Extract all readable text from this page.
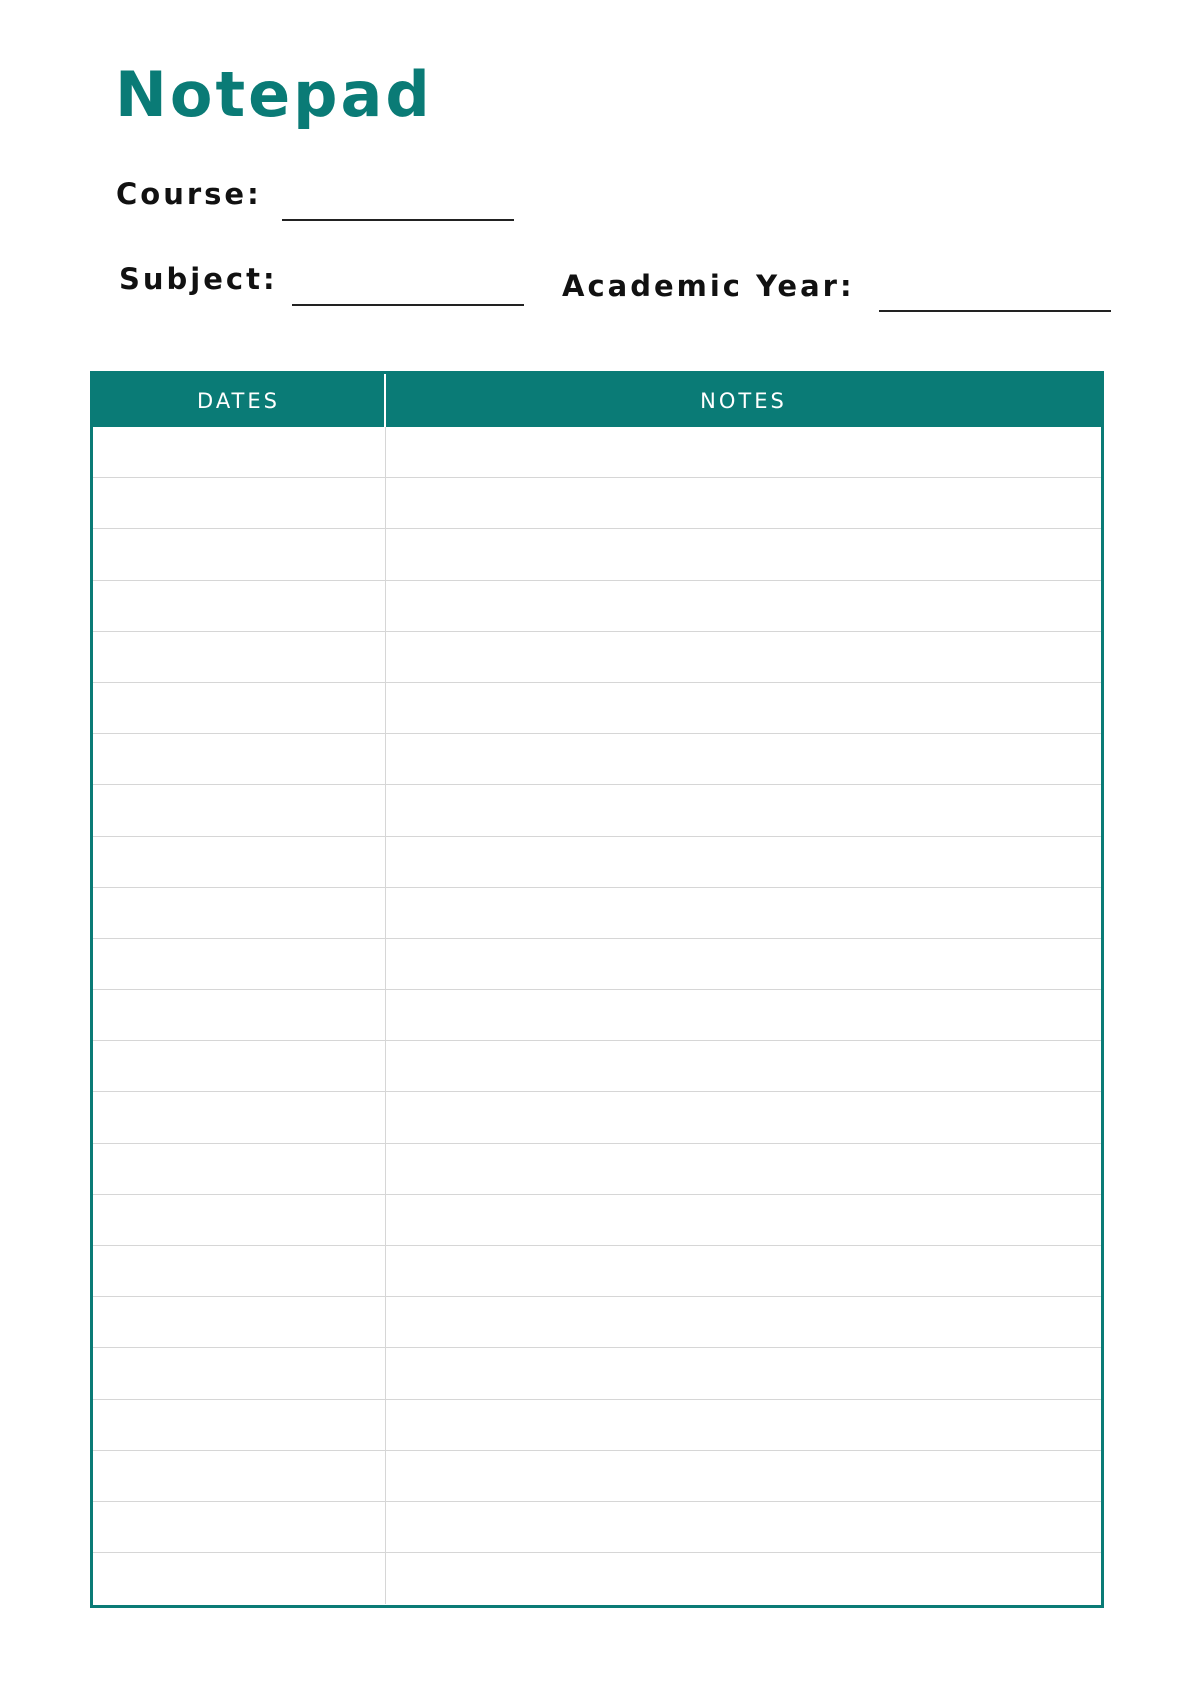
Notepad
Course:
Subject:	Academic Year:
DATES	NOTES
